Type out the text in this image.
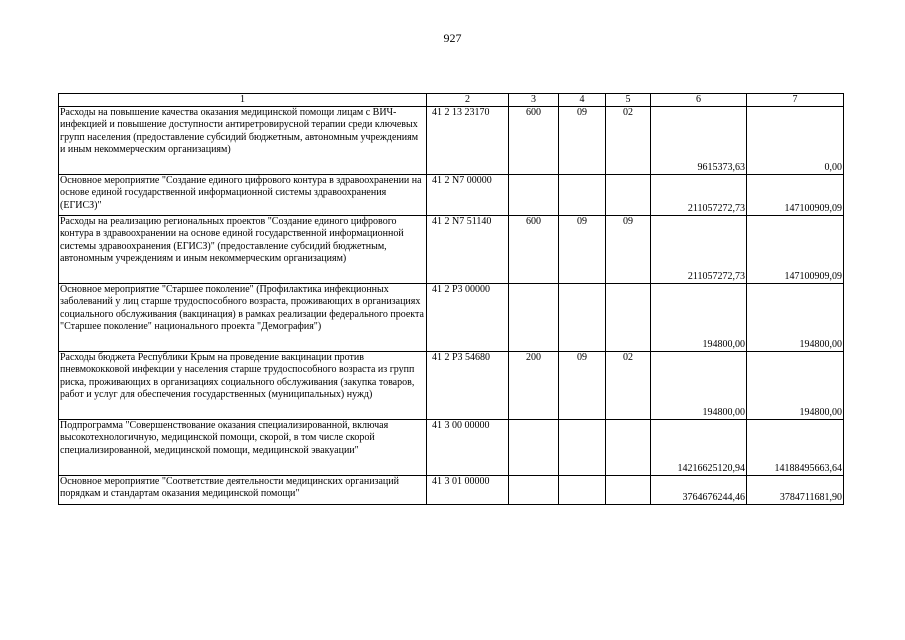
927
1	2	3	4	5	6	7
Расходы на повышение качества оказания медицинской помощи лицам с ВИЧ-инфекцией и повышение доступности антиретровирусной терапии среди ключевых групп населения (предоставление субсидий бюджетным, автономным учреждениям и иным некоммерческим организациям)	41 2 13 23170	600	09	02	9615373,63	0,00
Основное мероприятие "Создание единого цифрового контура в здравоохранении на основе единой государственной информационной системы здравоохранения (ЕГИСЗ)"	41 2 N7 00000				211057272,73	147100909,09
Расходы на реализацию региональных проектов "Создание единого цифрового контура в здравоохранении на основе единой государственной информационной системы здравоохранения (ЕГИСЗ)" (предоставление субсидий бюджетным, автономным учреждениям и иным некоммерческим организациям)	41 2 N7 51140	600	09	09	211057272,73	147100909,09
Основное мероприятие "Старшее поколение" (Профилактика инфекционных заболеваний у лиц старше трудоспособного возраста, проживающих в организациях социального обслуживания (вакцинация) в рамках реализации федерального проекта "Старшее поколение" национального проекта "Демография")	41 2 P3 00000				194800,00	194800,00
Расходы бюджета Республики Крым на проведение вакцинации против пневмококковой инфекции у населения старше трудоспособного возраста из групп риска, проживающих в организациях социального обслуживания (закупка товаров, работ и услуг для обеспечения государственных (муниципальных) нужд)	41 2 P3 54680	200	09	02	194800,00	194800,00
Подпрограмма "Совершенствование оказания специализированной, включая высокотехнологичную, медицинской помощи, скорой, в том числе скорой специализированной, медицинской помощи, медицинской эвакуации"	41 3 00 00000				14216625120,94	14188495663,64
Основное мероприятие "Соответствие деятельности медицинских организаций порядкам и стандартам оказания медицинской помощи"	41 3 01 00000				3764676244,46	3784711681,90
